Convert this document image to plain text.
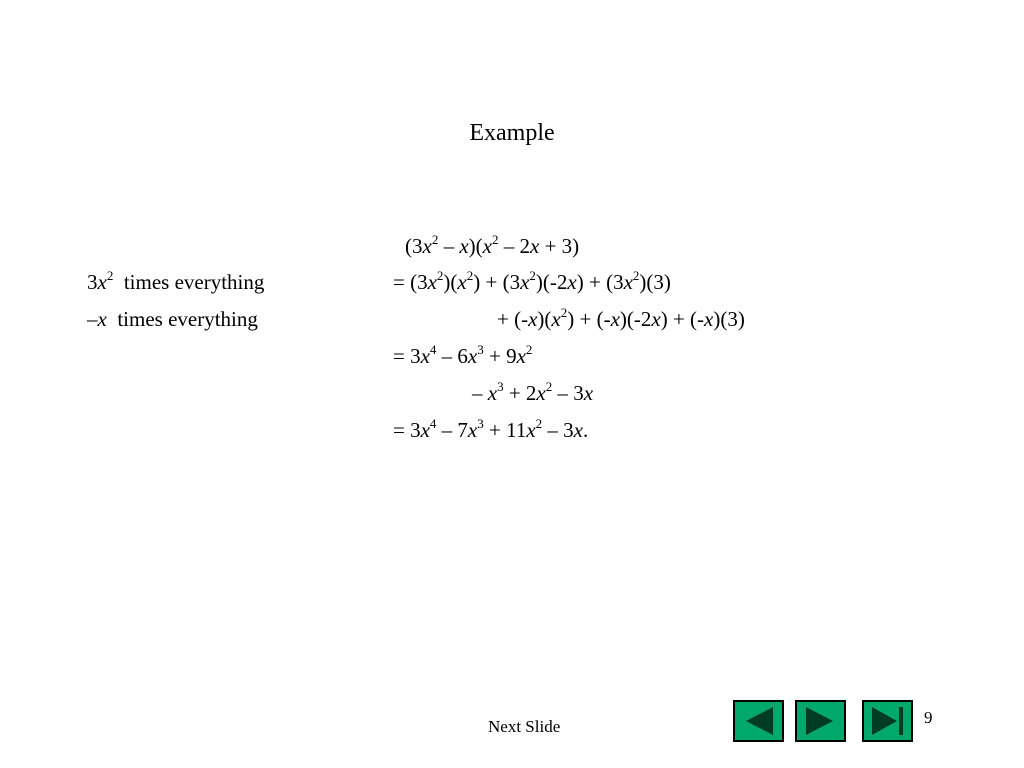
Example
$(3x^2 - x)(x^2 - 2x + 3)$
$3x^2$  times everything	= $(3x^2)(x^2) + (3x^2)(-2x) + (3x^2)(3)$
–x  times everything	+ $(-x)(x^2) + (-x)(-2x) + (-x)(3)$
= $3x^4 - 6x^3 + 9x^2$
– $x^3 + 2x^2 - 3x$
= $3x^4 - 7x^3 + 11x^2 - 3x$.
Next Slide	9
